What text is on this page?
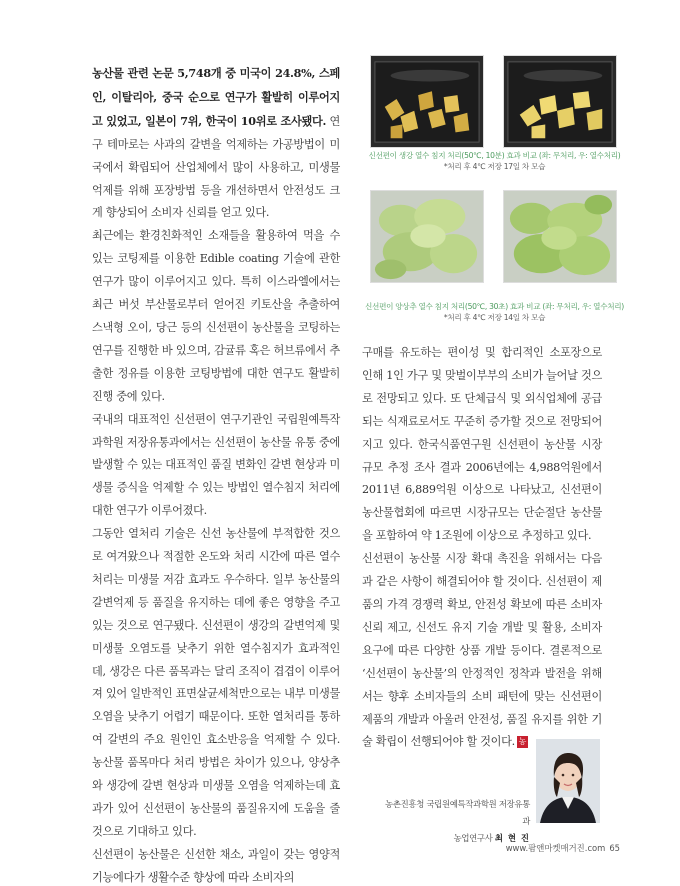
농산물 관련 논문 5,748개 중 미국이 24.8%, 스페인, 이탈리아, 중국 순으로 연구가 활발히 이루어지고 있었고, 일본이 7위, 한국이 10위로 조사됐다. 연구 테마로는 사과의 갈변을 억제하는 가공방법이 미국에서 확립되어 산업체에서 많이 사용하고, 미생물 억제를 위해 포장방법 등을 개선하면서 안전성도 크게 향상되어 소비자 신뢰를 얻고 있다.

최근에는 환경친화적인 소재들을 활용하여 먹을 수 있는 코팅제를 이용한 Edible coating 기술에 관한 연구가 많이 이루어지고 있다. 특히 이스라엘에서는 최근 버섯 부산물로부터 얻어진 키토산을 추출하여 스낵형 오이, 당근 등의 신선편이 농산물을 코팅하는 연구를 진행한 바 있으며, 감귤류 혹은 허브류에서 추출한 정유를 이용한 코팅방법에 대한 연구도 활발히 진행 중에 있다.

국내의 대표적인 신선편이 연구기관인 국립원예특작과학원 저장유통과에서는 신선편이 농산물 유통 중에 발생할 수 있는 대표적인 품질 변화인 갈변 현상과 미생물 증식을 억제할 수 있는 방법인 열수침지 처리에 대한 연구가 이루어졌다.

그동안 열처리 기술은 신선 농산물에 부적합한 것으로 여겨왔으나 적절한 온도와 처리 시간에 따른 열수 처리는 미생물 저감 효과도 우수하다. 일부 농산물의 갈변억제 등 품질을 유지하는 데에 좋은 영향을 주고 있는 것으로 연구됐다. 신선편이 생강의 갈변억제 및 미생물 오염도를 낮추기 위한 열수침지가 효과적인데, 생강은 다른 품목과는 달리 조직이 겹겹이 이루어져 있어 일반적인 표면살균세척만으로는 내부 미생물 오염을 낮추기 어렵기 때문이다. 또한 열처리를 통하여 갈변의 주요 원인인 효소반응을 억제할 수 있다. 농산물 품목마다 처리 방법은 차이가 있으나, 양상추와 생강에 갈변 현상과 미생물 오염을 억제하는데 효과가 있어 신선편이 농산물의 품질유지에 도움을 줄 것으로 기대하고 있다.

신선편이 농산물은 신선한 채소, 과일이 갖는 영양적 기능에다가 생활수준 향상에 따라 소비자의

신선편이 생강 열수 침지 처리(50℃, 10분) 효과 비교 (좌: 무처리, 우: 열수처리)
*처리 후 4℃ 저장 17일 차 모습
신선편이 양상추 열수 침지 처리(50℃, 30초) 효과 비교 (좌: 무처리, 우: 열수처리)
*처리 후 4℃ 저장 14일 차 모습

구매를 유도하는 편이성 및 합리적인 소포장으로 인해 1인 가구 및 맞벌이부부의 소비가 늘어날 것으로 전망되고 있다. 또 단체급식 및 외식업체에 공급되는 식재료로서도 꾸준히 증가할 것으로 전망되어지고 있다. 한국식품연구원 신선편이 농산물 시장 규모 추정 조사 결과 2006년에는 4,988억원에서 2011년 6,889억원 이상으로 나타났고, 신선편이농산물협회에 따르면 시장규모는 단순절단 농산물을 포함하여 약 1조원에 이상으로 추정하고 있다.

신선편이 농산물 시장 확대 촉진을 위해서는 다음과 같은 사항이 해결되어야 할 것이다. 신선편이 제품의 가격 경쟁력 확보, 안전성 확보에 따른 소비자 신뢰 제고, 신선도 유지 기술 개발 및 활용, 소비자 요구에 따른 다양한 상품 개발 등이다. 결론적으로 ‘신선편이 농산물’의 안정적인 정착과 발전을 위해서는 향후 소비자들의 소비 패턴에 맞는 신선편이 제품의 개발과 아울러 안전성, 품질 유지를 위한 기술 확립이 선행되어야 할 것이다. 농

농촌진흥청 국립원예특작과학원 저장유통과
농업연구사 최 현 진
www.팜앤마켓매거진.com 65
